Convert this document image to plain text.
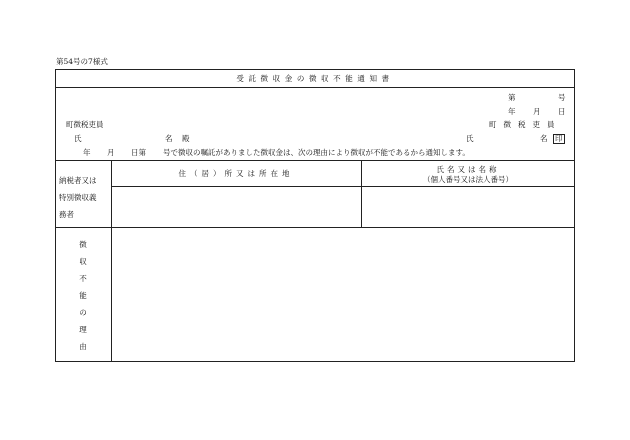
第54号の7様式
受託徴収金の徴収不能通知書
第	号
年 月 日
町徴税吏員	町徴税吏員
氏	名 殿	氏	名 印
年 月 日第 号で徴収の嘱託がありました徴収金は、次の理由により徴収が不能であるから通知します。
納税者又は
特別徴収義
務者
住（居）所又は所在地	氏名又は名称
（個人番号又は法人番号）
徴
収
不
能
の
理
由
